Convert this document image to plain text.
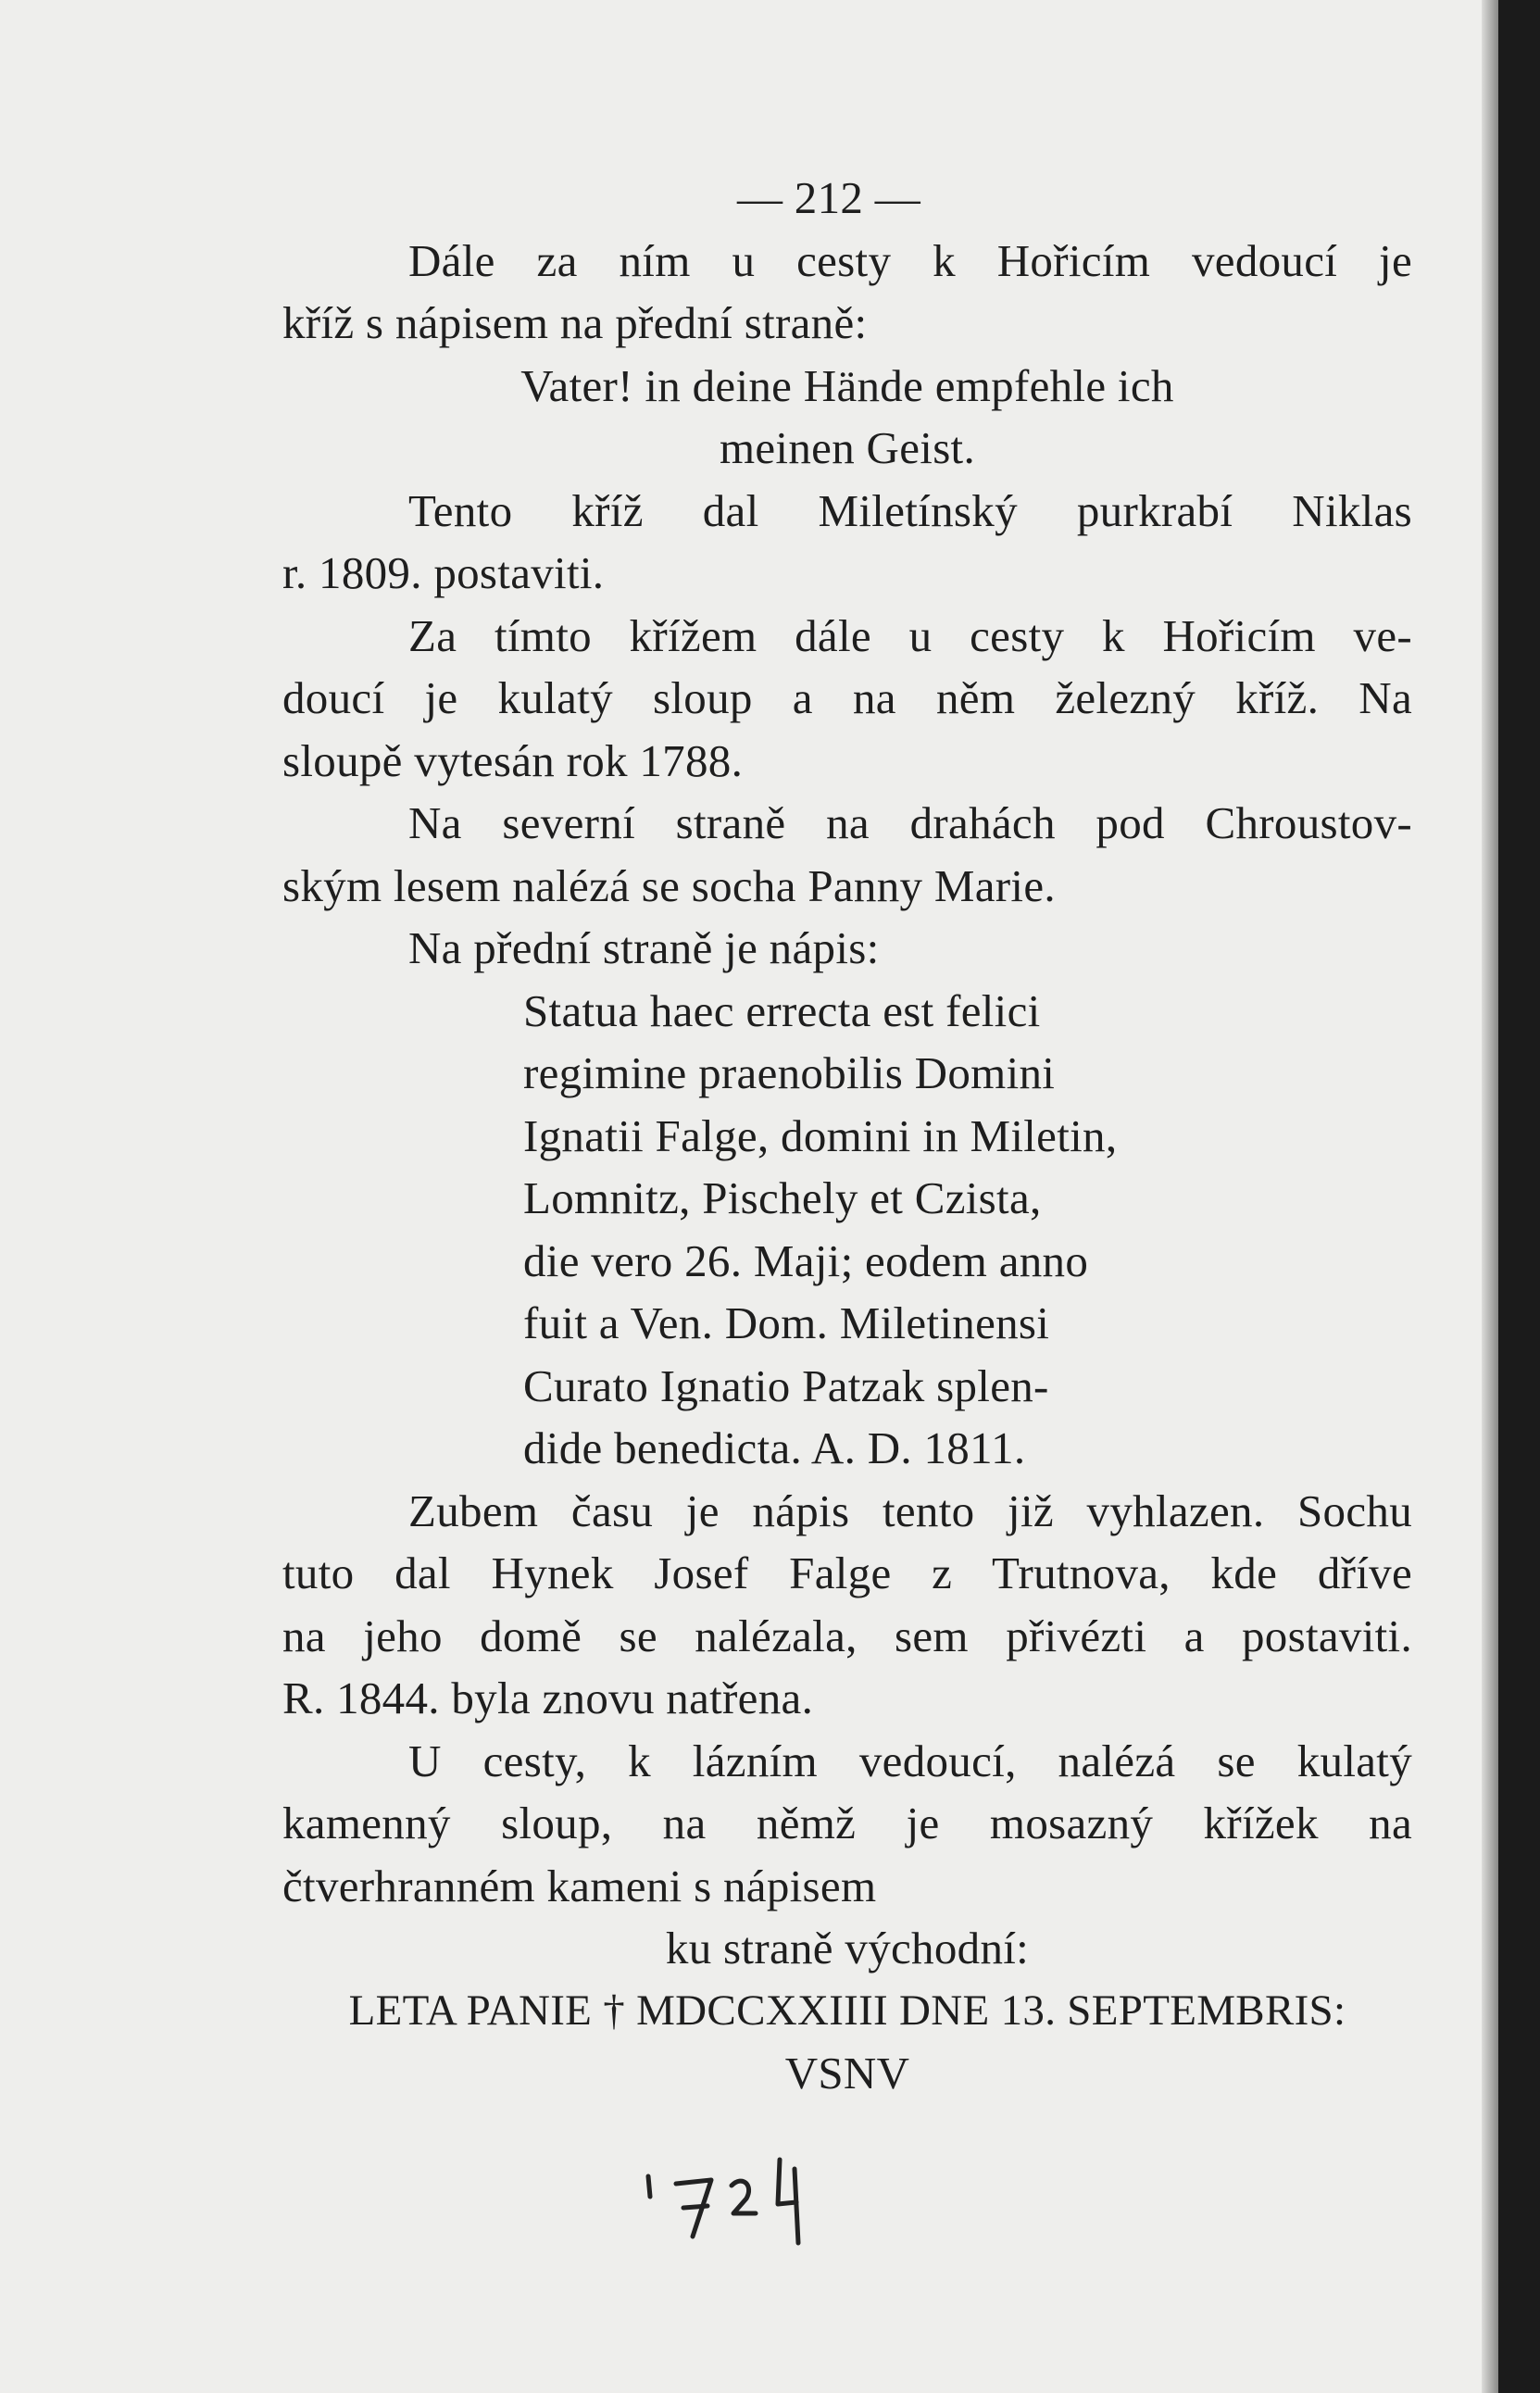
— 212 —
Dále za ním u cesty k Hořicím vedoucí je
kříž s nápisem na přední straně:
Vater! in deine Hände empfehle ich
meinen Geist.
Tento kříž dal Miletínský purkrabí Niklas
r. 1809. postaviti.
Za tímto křížem dále u cesty k Hořicím ve-
doucí je kulatý sloup a na něm železný kříž. Na
sloupě vytesán rok 1788.
Na severní straně na drahách pod Chroustov-
ským lesem nalézá se socha Panny Marie.
Na přední straně je nápis:
Statua haec errecta est felici
regimine praenobilis Domini
Ignatii Falge, domini in Miletin,
Lomnitz, Pischely et Czista,
die vero 26. Maji; eodem anno
fuit a Ven. Dom. Miletinensi
Curato Ignatio Patzak splen-
dide benedicta. A. D. 1811.
Zubem času je nápis tento již vyhlazen. Sochu
tuto dal Hynek Josef Falge z Trutnova, kde dříve
na jeho domě se nalézala, sem přivézti a postaviti.
R. 1844. byla znovu natřena.
U cesty, k lázním vedoucí, nalézá se kulatý
kamenný sloup, na němž je mosazný křížek na
čtverhranném kameni s nápisem
ku straně východní:
LETA PANIE † MDCCXXIIII DNE 13. SEPTEMBRIS:
VSNV
